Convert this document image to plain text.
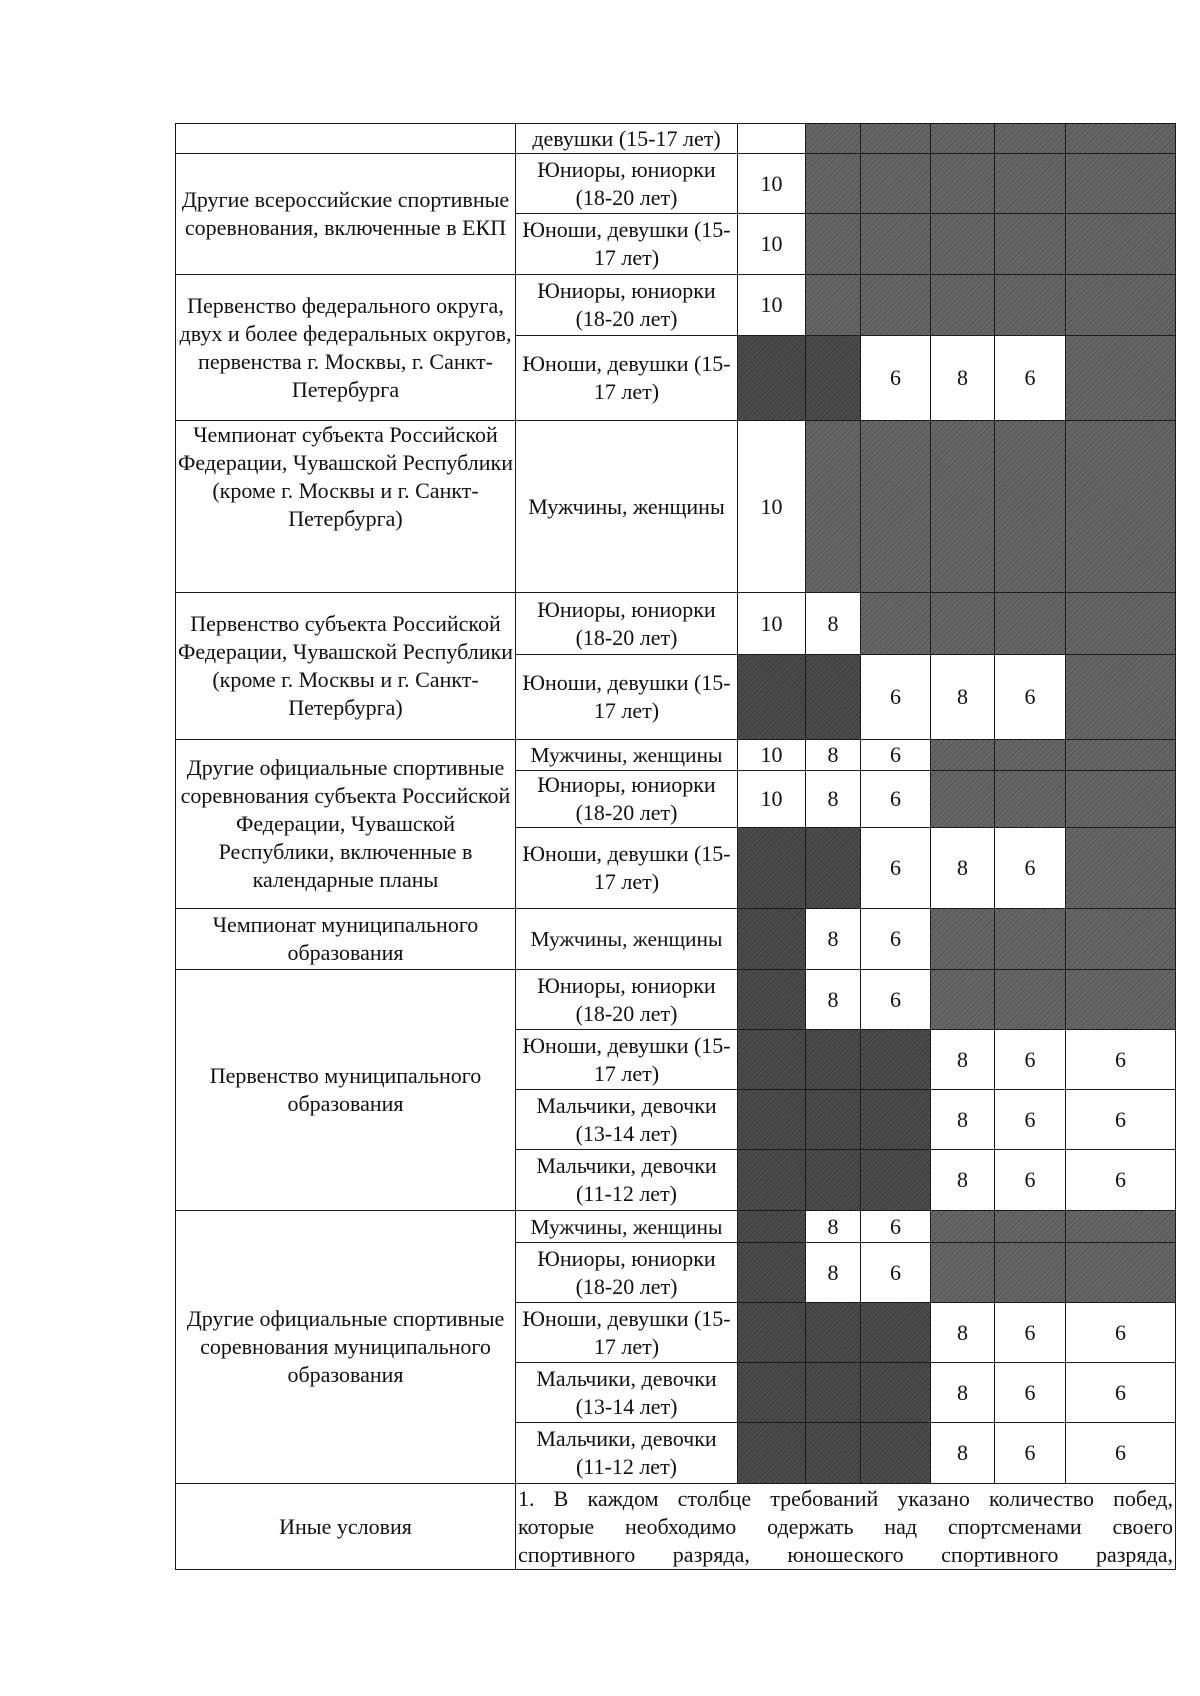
	девушки (15-17 лет)						
Другие всероссийские спортивные соревнования, включенные в ЕКП	Юниоры, юниорки (18-20 лет)	10					
	Юноши, девушки (15-17 лет)	10					
Первенство федерального округа, двух и более федеральных округов, первенства г. Москвы, г. Санкт-Петербурга	Юниоры, юниорки (18-20 лет)	10					
	Юноши, девушки (15-17 лет)			6	8	6	
Чемпионат субъекта Российской Федерации, Чувашской Республики (кроме г. Москвы и г. Санкт-Петербурга)	Мужчины, женщины	10					
Первенство субъекта Российской Федерации, Чувашской Республики (кроме г. Москвы и г. Санкт-Петербурга)	Юниоры, юниорки (18-20 лет)	10	8				
	Юноши, девушки (15-17 лет)			6	8	6	
Другие официальные спортивные соревнования субъекта Российской Федерации, Чувашской Республики, включенные в календарные планы	Мужчины, женщины	10	8	6			
	Юниоры, юниорки (18-20 лет)	10	8	6			
	Юноши, девушки (15-17 лет)			6	8	6	
Чемпионат муниципального образования	Мужчины, женщины		8	6			
Первенство муниципального образования	Юниоры, юниорки (18-20 лет)		8	6			
	Юноши, девушки (15-17 лет)				8	6	6
	Мальчики, девочки (13-14 лет)				8	6	6
	Мальчики, девочки (11-12 лет)				8	6	6
Другие официальные спортивные соревнования муниципального образования	Мужчины, женщины		8	6			
	Юниоры, юниорки (18-20 лет)		8	6			
	Юноши, девушки (15-17 лет)				8	6	6
	Мальчики, девочки (13-14 лет)				8	6	6
	Мальчики, девочки (11-12 лет)				8	6	6
Иные условия	1. В каждом столбце требований указано количество побед,
которые необходимо одержать над спортсменами своего
спортивного разряда, юношеского спортивного разряда,						
